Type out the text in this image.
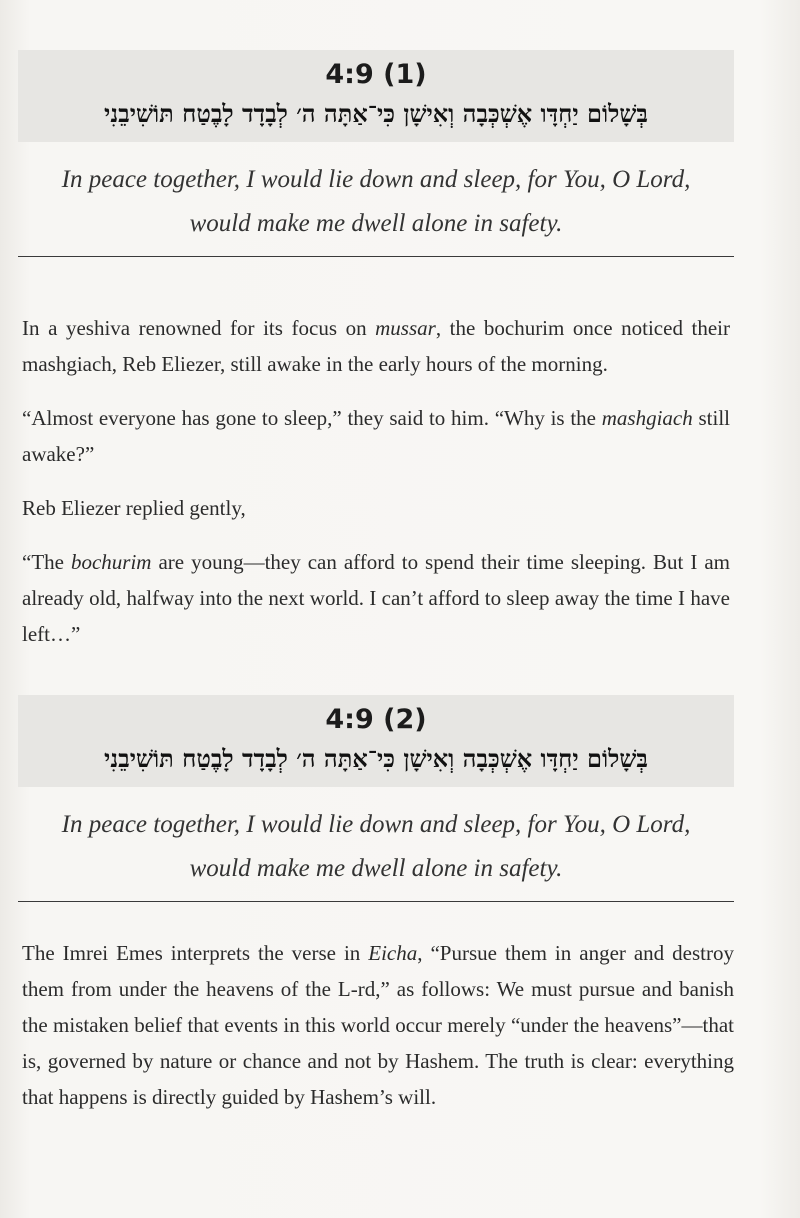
4:9 (1)
בְּשָׁלוֹם יַחְדָּו אֶשְׁכְּבָה וְאִישָׁן כִּי־אַתָּה ה׳ לְבָדָד לָבֶטַח תּוֹשִׁיבֵנִי
In peace together, I would lie down and sleep, for You, O Lord,
would make me dwell alone in safety.

In a yeshiva renowned for its focus on mussar, the bochurim once noticed their mashgiach, Reb Eliezer, still awake in the early hours of the morning.

“Almost everyone has gone to sleep,” they said to him. “Why is the mashgiach still awake?”

Reb Eliezer replied gently,

“The bochurim are young—they can afford to spend their time sleeping. But I am already old, halfway into the next world. I can’t afford to sleep away the time I have left…”

4:9 (2)
בְּשָׁלוֹם יַחְדָּו אֶשְׁכְּבָה וְאִישָׁן כִּי־אַתָּה ה׳ לְבָדָד לָבֶטַח תּוֹשִׁיבֵנִי
In peace together, I would lie down and sleep, for You, O Lord,
would make me dwell alone in safety.

The Imrei Emes interprets the verse in Eicha, “Pursue them in anger and destroy them from under the heavens of the L-rd,” as follows: We must pursue and banish the mistaken belief that events in this world occur merely “under the heavens”—that is, governed by nature or chance and not by Hashem. The truth is clear: everything that happens is directly guided by Hashem’s will.
